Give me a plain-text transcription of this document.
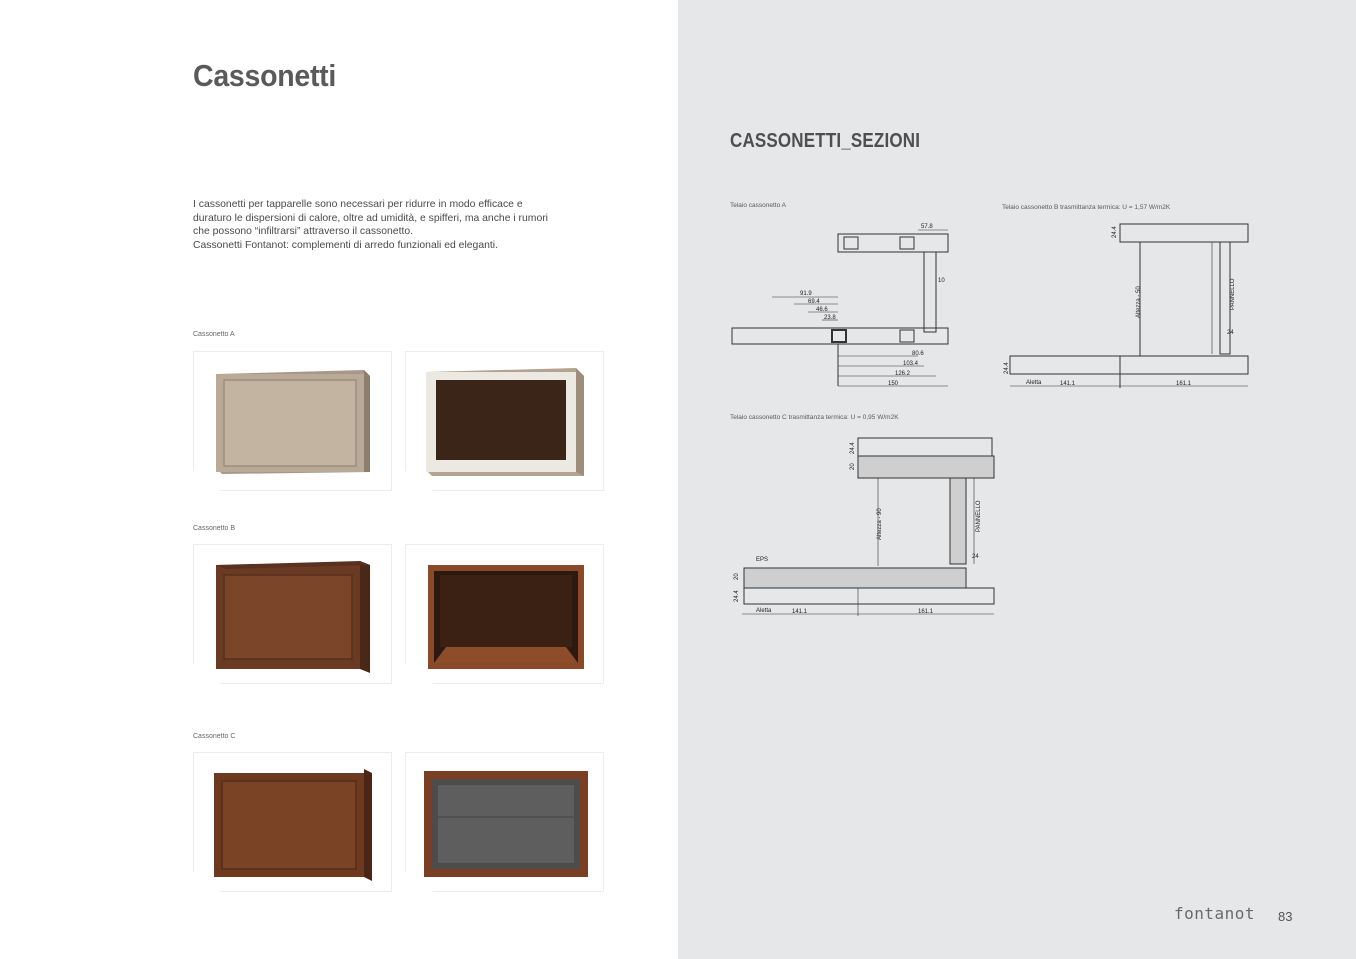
Cassonetti

I cassonetti per tapparelle sono necessari per ridurre in modo efficace e

duraturo le dispersioni di calore, oltre ad umidità, e spifferi, ma anche i rumori

che possono “infiltrarsi” attraverso il cassonetto.

Cassonetti Fontanot: complementi di arredo funzionali ed eleganti.

Cassonetto A
Cassonetto B
Cassonetto C
CASSONETTI_SEZIONI
Telaio cassonetto A	Telaio cassonetto B trasmittanza termica: U = 1,57 W/m2K
Telaio cassonetto C trasmittanza termica: U = 0,95 W/m2K
57.8
10
91.9
69.4
46.6
23.8
80.6
103.4
126.2
150
24.4
Altezza - 50	PANNELLO
24
24.4
Aletta	141.1	161.1
24.4
20
Altezza - 90	PANNELLO
24
EPS
20
24.4
Aletta	141.1	161.1
fontanot 83
